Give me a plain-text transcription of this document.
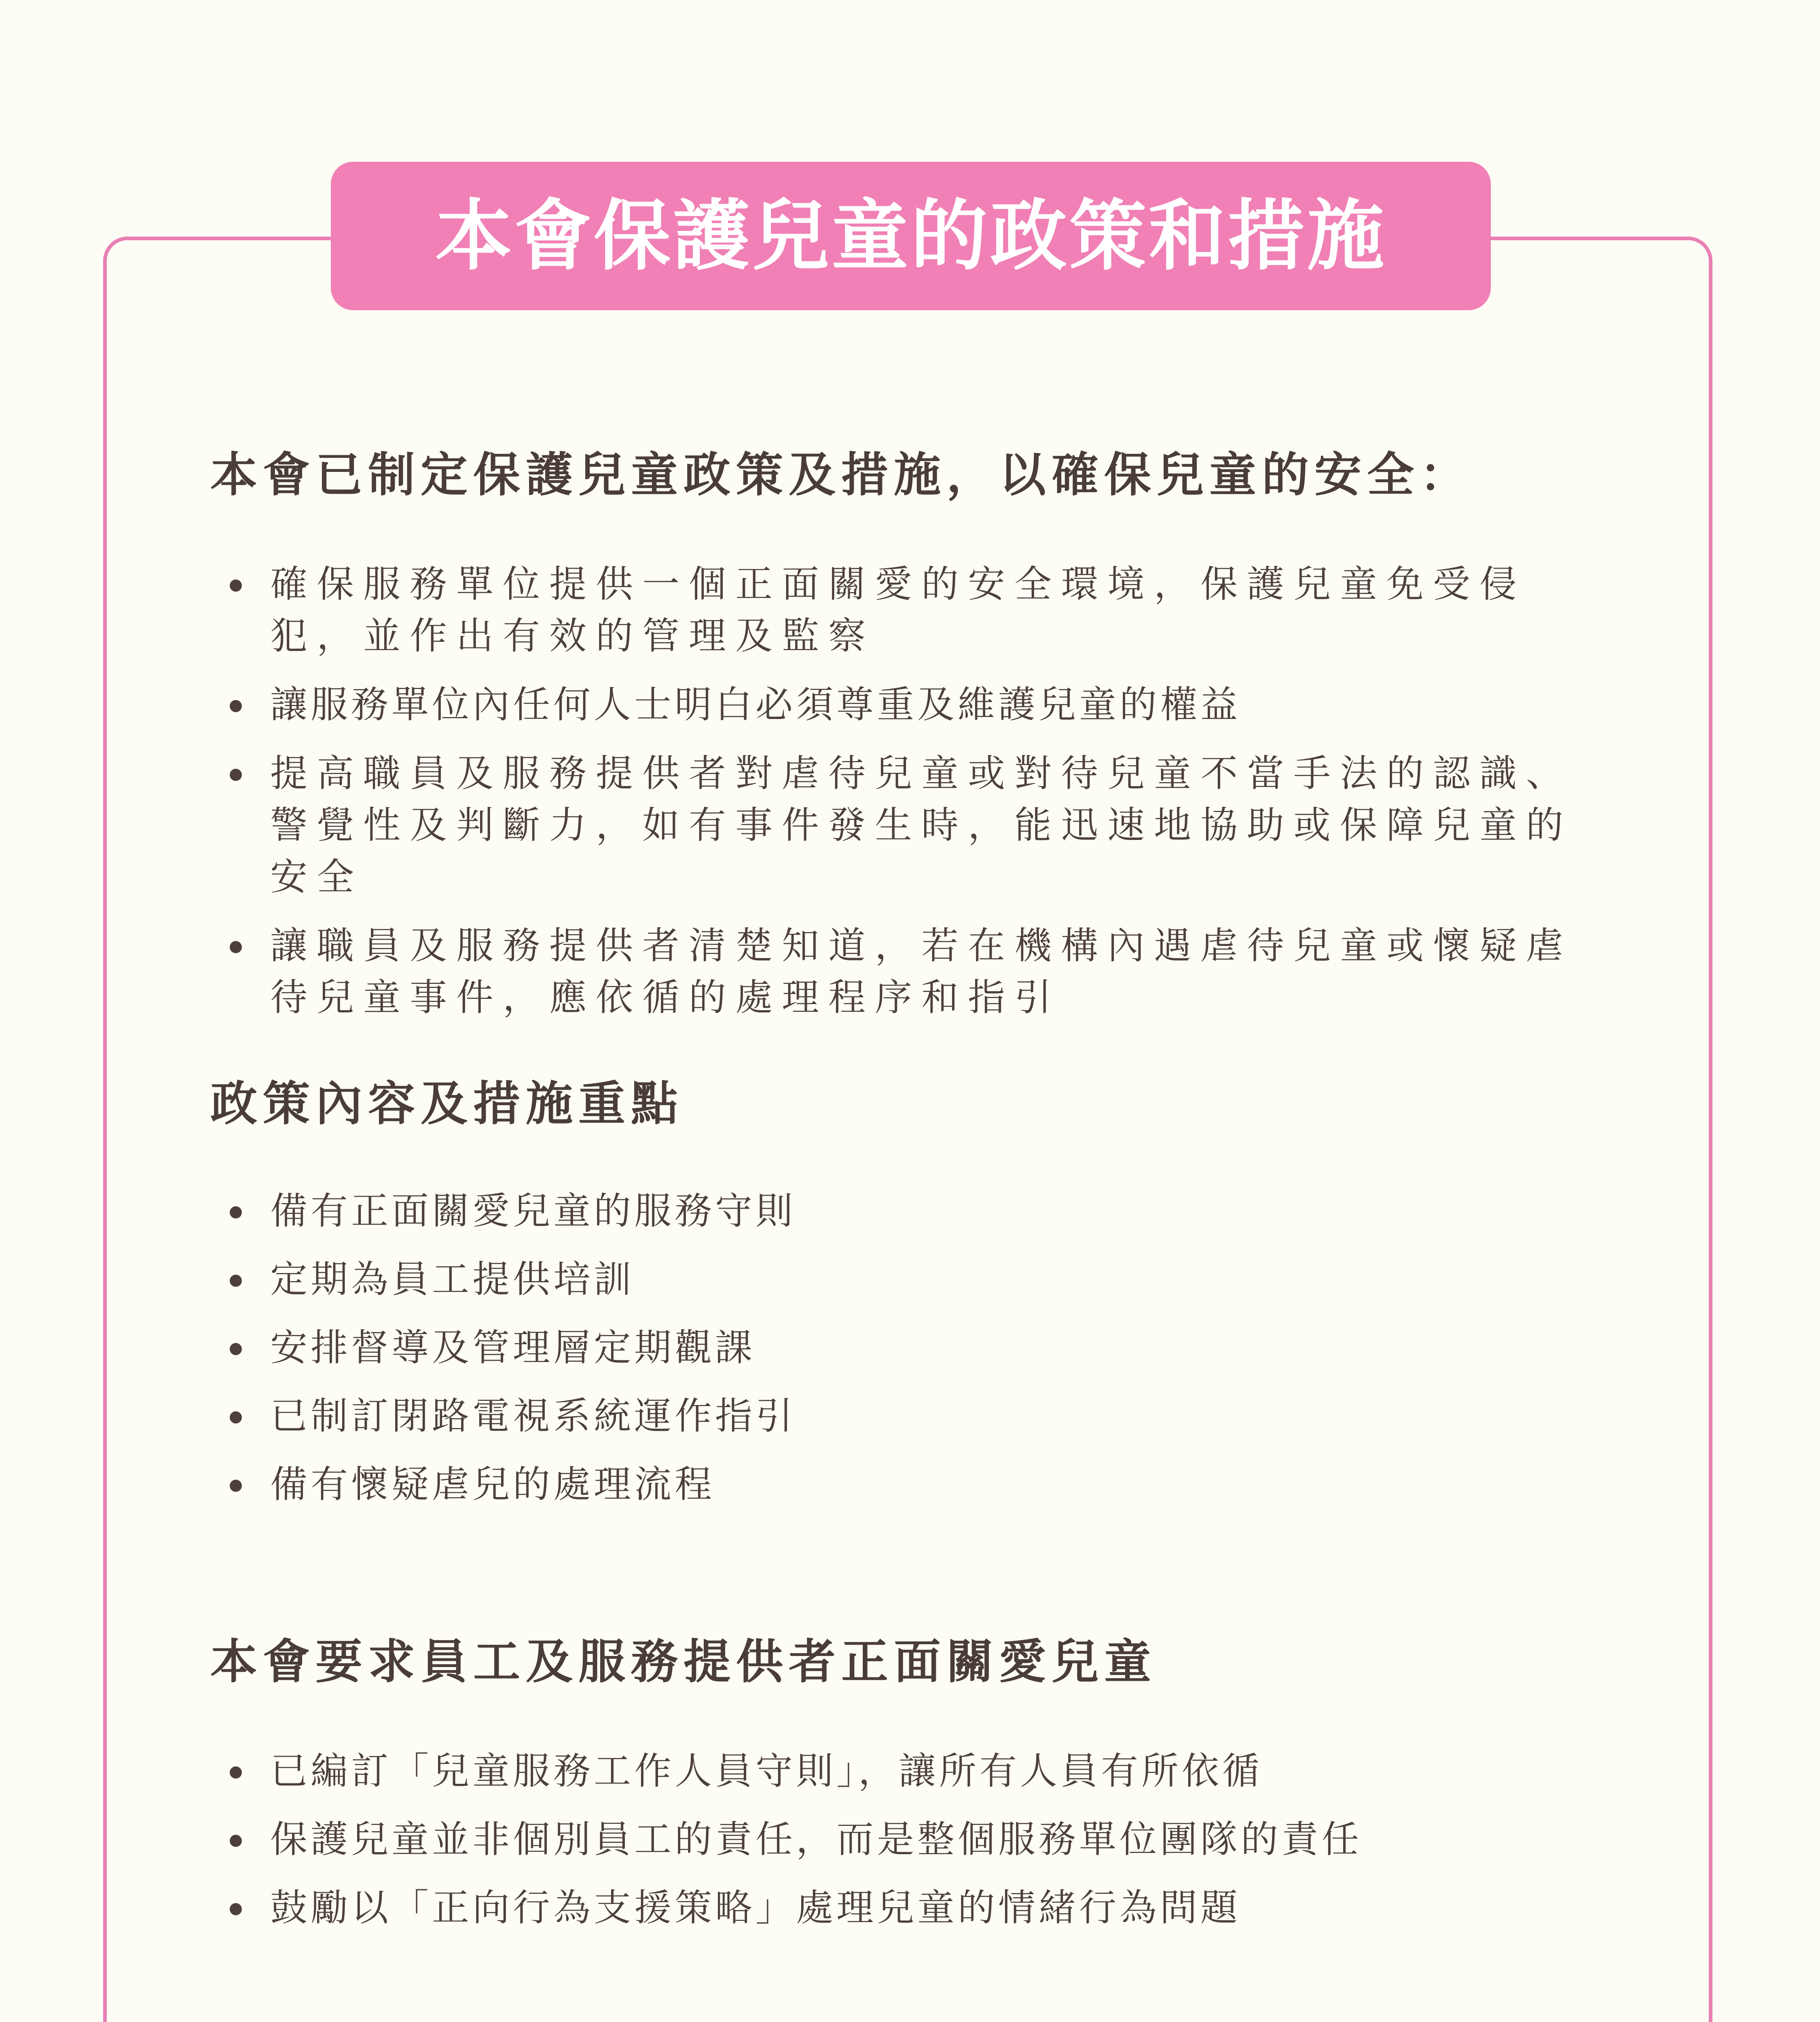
本會保護兒童的政策和措施
本會已制定保護兒童政策及措施，以確保兒童的安全：
確保服務單位提供一個正面關愛的安全環境，保護兒童免受侵犯，並作出有效的管理及監察
讓服務單位內任何人士明白必須尊重及維護兒童的權益
提高職員及服務提供者對虐待兒童或對待兒童不當手法的認識、警覺性及判斷力，如有事件發生時，能迅速地協助或保障兒童的安全
讓職員及服務提供者清楚知道，若在機構內遇虐待兒童或懷疑虐待兒童事件，應依循的處理程序和指引
政策內容及措施重點
備有正面關愛兒童的服務守則
定期為員工提供培訓
安排督導及管理層定期觀課
已制訂閉路電視系統運作指引
備有懷疑虐兒的處理流程
本會要求員工及服務提供者正面關愛兒童
已編訂「兒童服務工作人員守則」，讓所有人員有所依循
保護兒童並非個別員工的責任，而是整個服務單位團隊的責任
鼓勵以「正向行為支援策略」處理兒童的情緒行為問題
